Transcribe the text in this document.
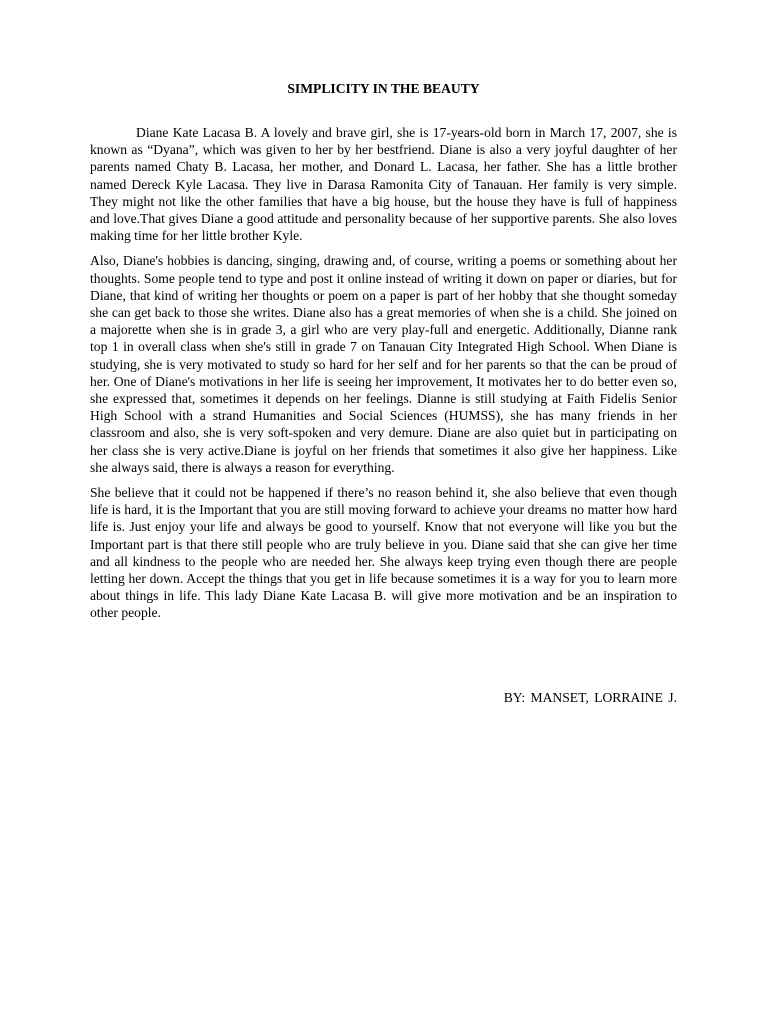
SIMPLICITY IN THE BEAUTY

Diane Kate Lacasa B. A lovely and brave girl, she is 17-years-old born in March 17, 2007, she is known as “Dyana”, which was given to her by her bestfriend. Diane is also a very joyful daughter of her parents named Chaty B. Lacasa, her mother, and Donard L. Lacasa, her father. She has a little brother named Dereck Kyle Lacasa. They live in Darasa Ramonita City of Tanauan. Her family is very simple. They might not like the other families that have a big house, but the house they have is full of happiness and love.That gives Diane a good attitude and personality because of her supportive parents. She also loves making time for her little brother Kyle.

Also, Diane's hobbies is dancing, singing, drawing and, of course, writing a poems or something about her thoughts. Some people tend to type and post it online instead of writing it down on paper or diaries, but for Diane, that kind of writing her thoughts or poem on a paper is part of her hobby that she thought someday she can get back to those she writes. Diane also has a great memories of when she is a child. She joined on a majorette when she is in grade 3, a girl who are very play-full and energetic. Additionally, Dianne rank top 1 in overall class when she's still in grade 7 on Tanauan City Integrated High School. When Diane is studying, she is very motivated to study so hard for her self and for her parents so that the can be proud of her. One of Diane's motivations in her life is seeing her improvement, It motivates her to do better even so, she expressed that, sometimes it depends on her feelings. Dianne is still studying at Faith Fidelis Senior High School with a strand Humanities and Social Sciences (HUMSS), she has many friends in her classroom and also, she is very soft-spoken and very demure. Diane are also quiet but in participating on her class she is very active.Diane is joyful on her friends that sometimes it also give her happiness. Like she always said, there is always a reason for everything.

She believe that it could not be happened if there’s no reason behind it, she also believe that even though life is hard, it is the Important that you are still moving forward to achieve your dreams no matter how hard life is. Just enjoy your life and always be good to yourself. Know that not everyone will like you but the Important part is that there still people who are truly believe in you. Diane said that she can give her time and all kindness to the people who are needed her. She always keep trying even though there are people letting her down. Accept the things that you get in life because sometimes it is a way for you to learn more about things in life. This lady Diane Kate Lacasa B. will give more motivation and be an inspiration to other people.

BY: MANSET, LORRAINE J.
